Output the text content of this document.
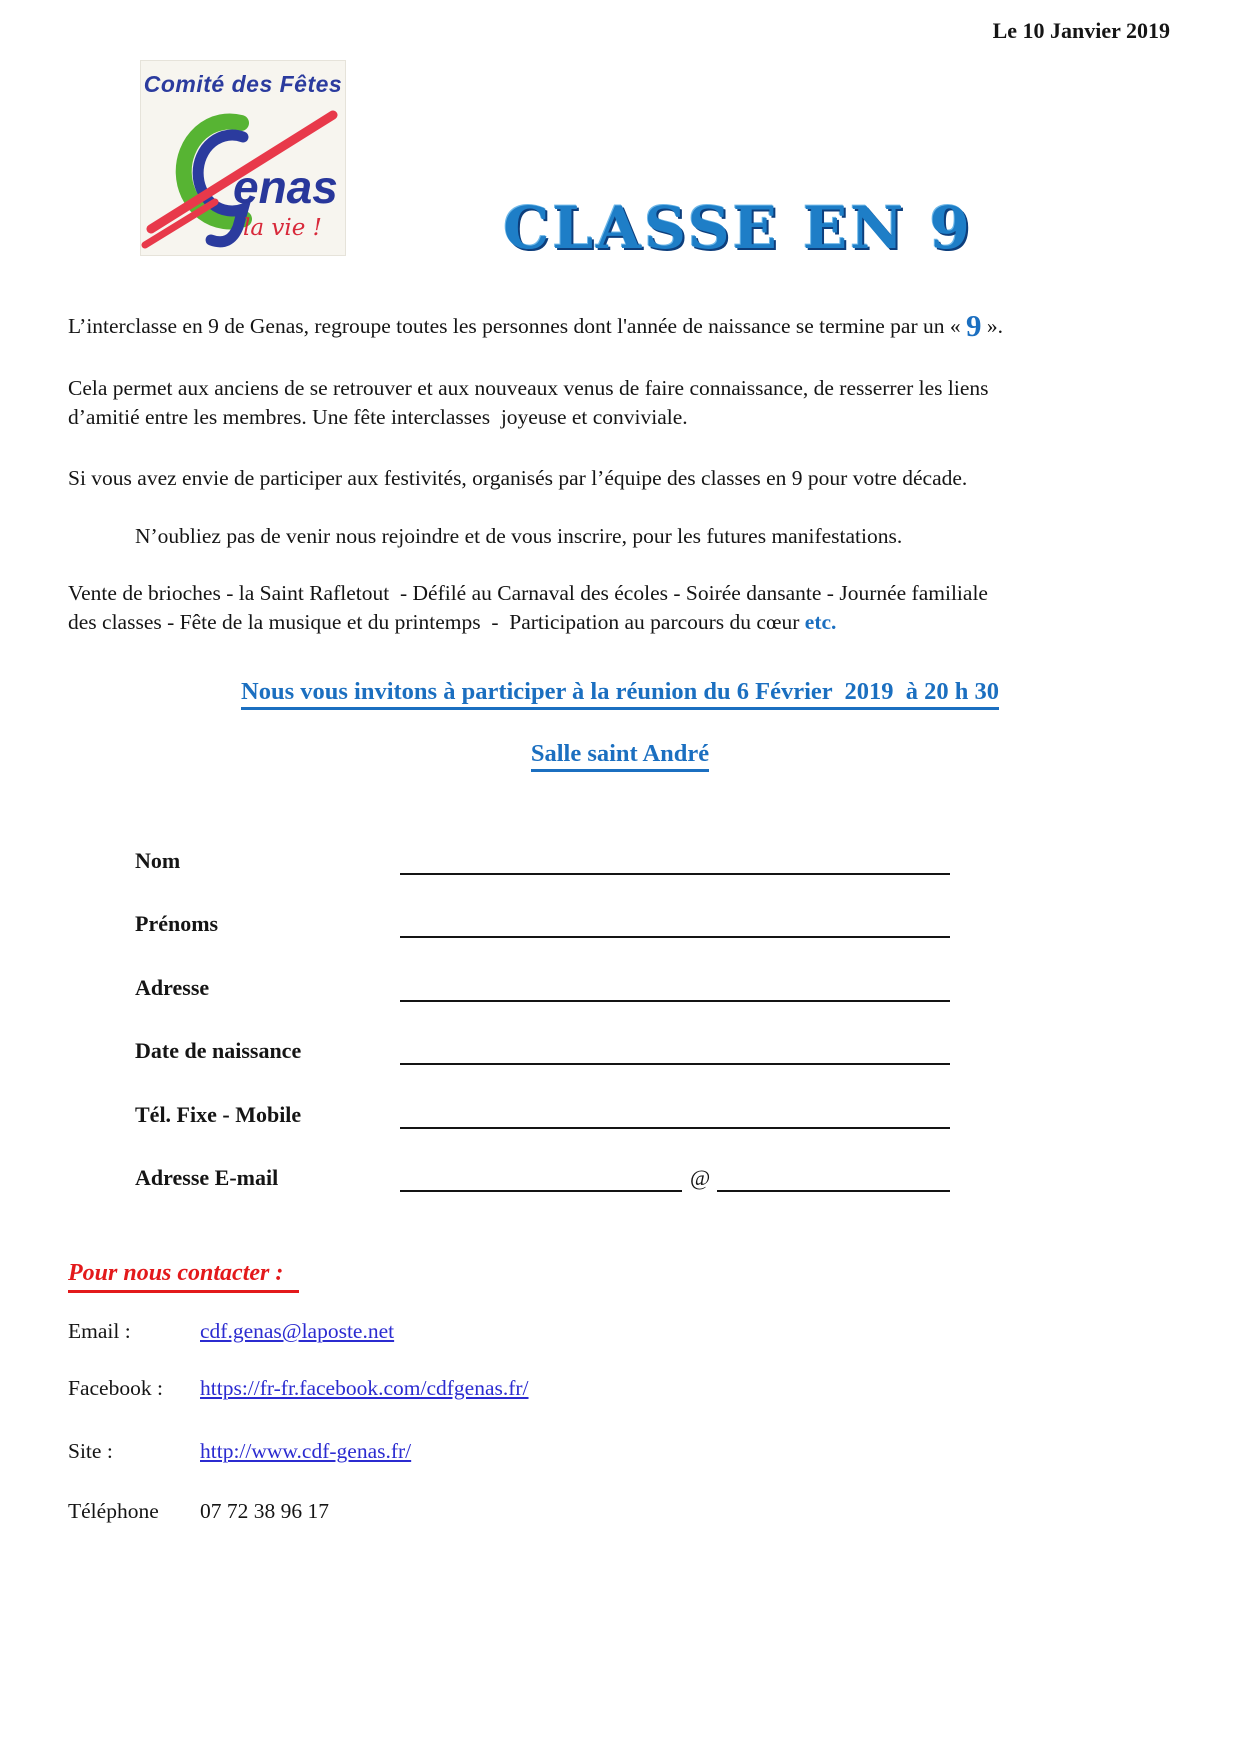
Le 10 Janvier 2019
Comité des Fêtes
enas
la vie !	CLASSE EN 9
L’interclasse en 9 de Genas, regroupe toutes les personnes dont l'année de naissance se termine par un « 9 ».
Cela permet aux anciens de se retrouver et aux nouveaux venus de faire connaissance, de resserrer les liens
d’amitié entre les membres. Une fête interclasses  joyeuse et conviviale.
Si vous avez envie de participer aux festivités, organisés par l’équipe des classes en 9 pour votre décade.
N’oubliez pas de venir nous rejoindre et de vous inscrire, pour les futures manifestations.
Vente de brioches - la Saint Rafletout  - Défilé au Carnaval des écoles - Soirée dansante - Journée familiale
des classes - Fête de la musique et du printemps  -  Participation au parcours du cœur etc.
Nous vous invitons à participer à la réunion du 6 Février  2019  à 20 h 30
Salle saint André
Nom
Prénoms
Adresse
Date de naissance
Tél. Fixe - Mobile
Adresse E-mail	@
Pour nous contacter :
Email :	cdf.genas@laposte.net
Facebook : https://fr-fr.facebook.com/cdfgenas.fr/
Site :	http://www.cdf-genas.fr/
Téléphone 07 72 38 96 17
